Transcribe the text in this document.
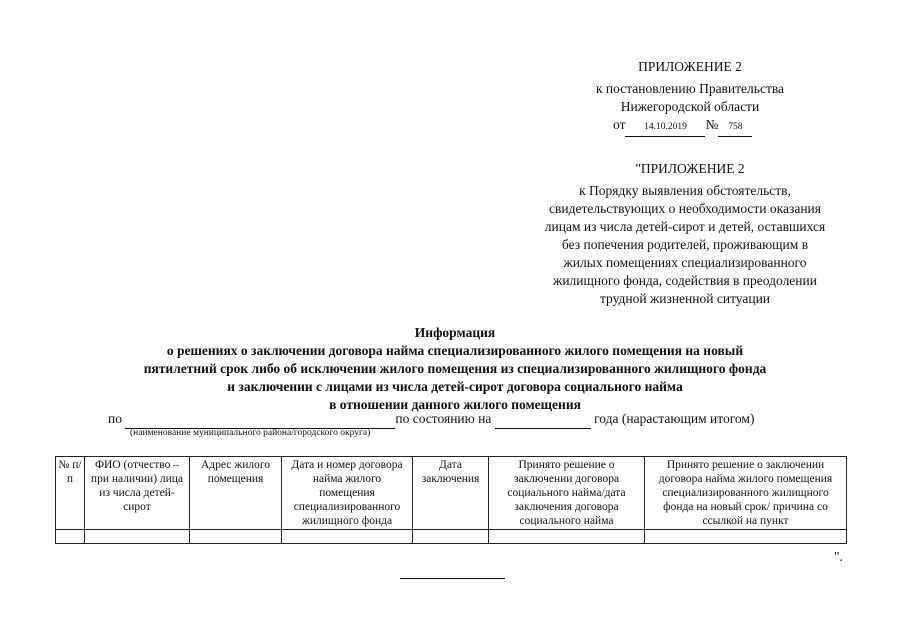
ПРИЛОЖЕНИЕ 2
к постановлению Правительства
Нижегородской области
от 14.10.2019 № 758
"ПРИЛОЖЕНИЕ 2
к Порядку выявления обстоятельств,
свидетельствующих о необходимости оказания
лицам из числа детей-сирот и детей, оставшихся
без попечения родителей, проживающим в
жилых помещениях специализированного
жилищного фонда, содействия в преодолении
трудной жизненной ситуации
Информация
о решениях о заключении договора найма специализированного жилого помещения на новый
пятилетний срок либо об исключении жилого помещения из специализированного жилищного фонда
и заключении с лицами из числа детей-сирот договора социального найма
в отношении данного жилого помещения
по	по состоянию на	года (нарастающим итогом)
(наименование муниципального района/городского округа)
№ п/п	ФИО (отчество – при наличии) лица из числа детей-сирот	Адрес жилого помещения	Дата и номер договора найма жилого помещения специализированного жилищного фонда	Дата заключения	Принято решение о заключении договора социального найма/дата заключения договора социального найма	Принято решение о заключении договора найма жилого помещения специализированного жилищного фонда на новый срок/ причина со ссылкой на пункт

".
